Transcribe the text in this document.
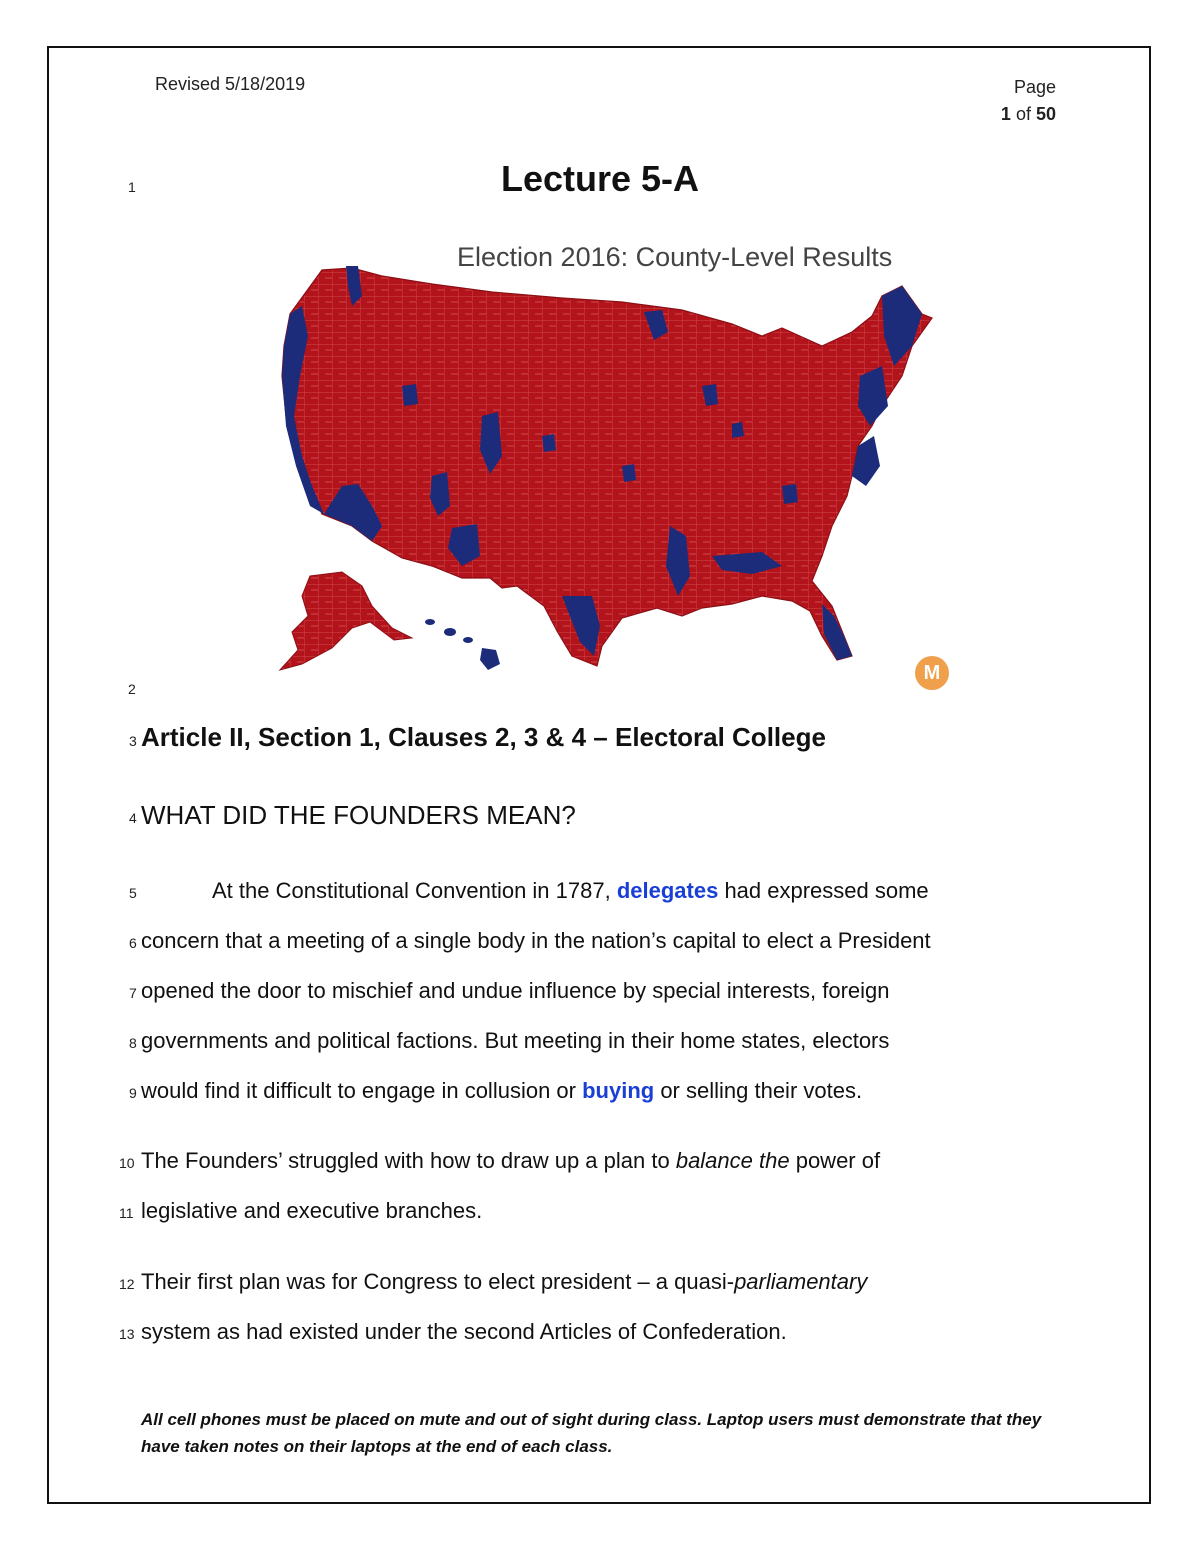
Revised 5/18/2019	Page
1 of 50
1
2
3
4
5
6
7
8
9
10
11
12
13
Lecture 5-A
Election 2016: County-Level Results
M
Article II, Section 1, Clauses 2, 3 & 4 – Electoral College
WHAT DID THE FOUNDERS MEAN?
At the Constitutional Convention in 1787, delegates had expressed some
concern that a meeting of a single body in the nation’s capital to elect a President
opened the door to mischief and undue influence by special interests, foreign
governments and political factions. But meeting in their home states, electors
would find it difficult to engage in collusion or buying or selling their votes.
The Founders’ struggled with how to draw up a plan to balance the power of
legislative and executive branches.
Their first plan was for Congress to elect president – a quasi-parliamentary
system as had existed under the second Articles of Confederation.
All cell phones must be placed on mute and out of sight during class. Laptop users must demonstrate that they have taken notes on their laptops at the end of each class.
